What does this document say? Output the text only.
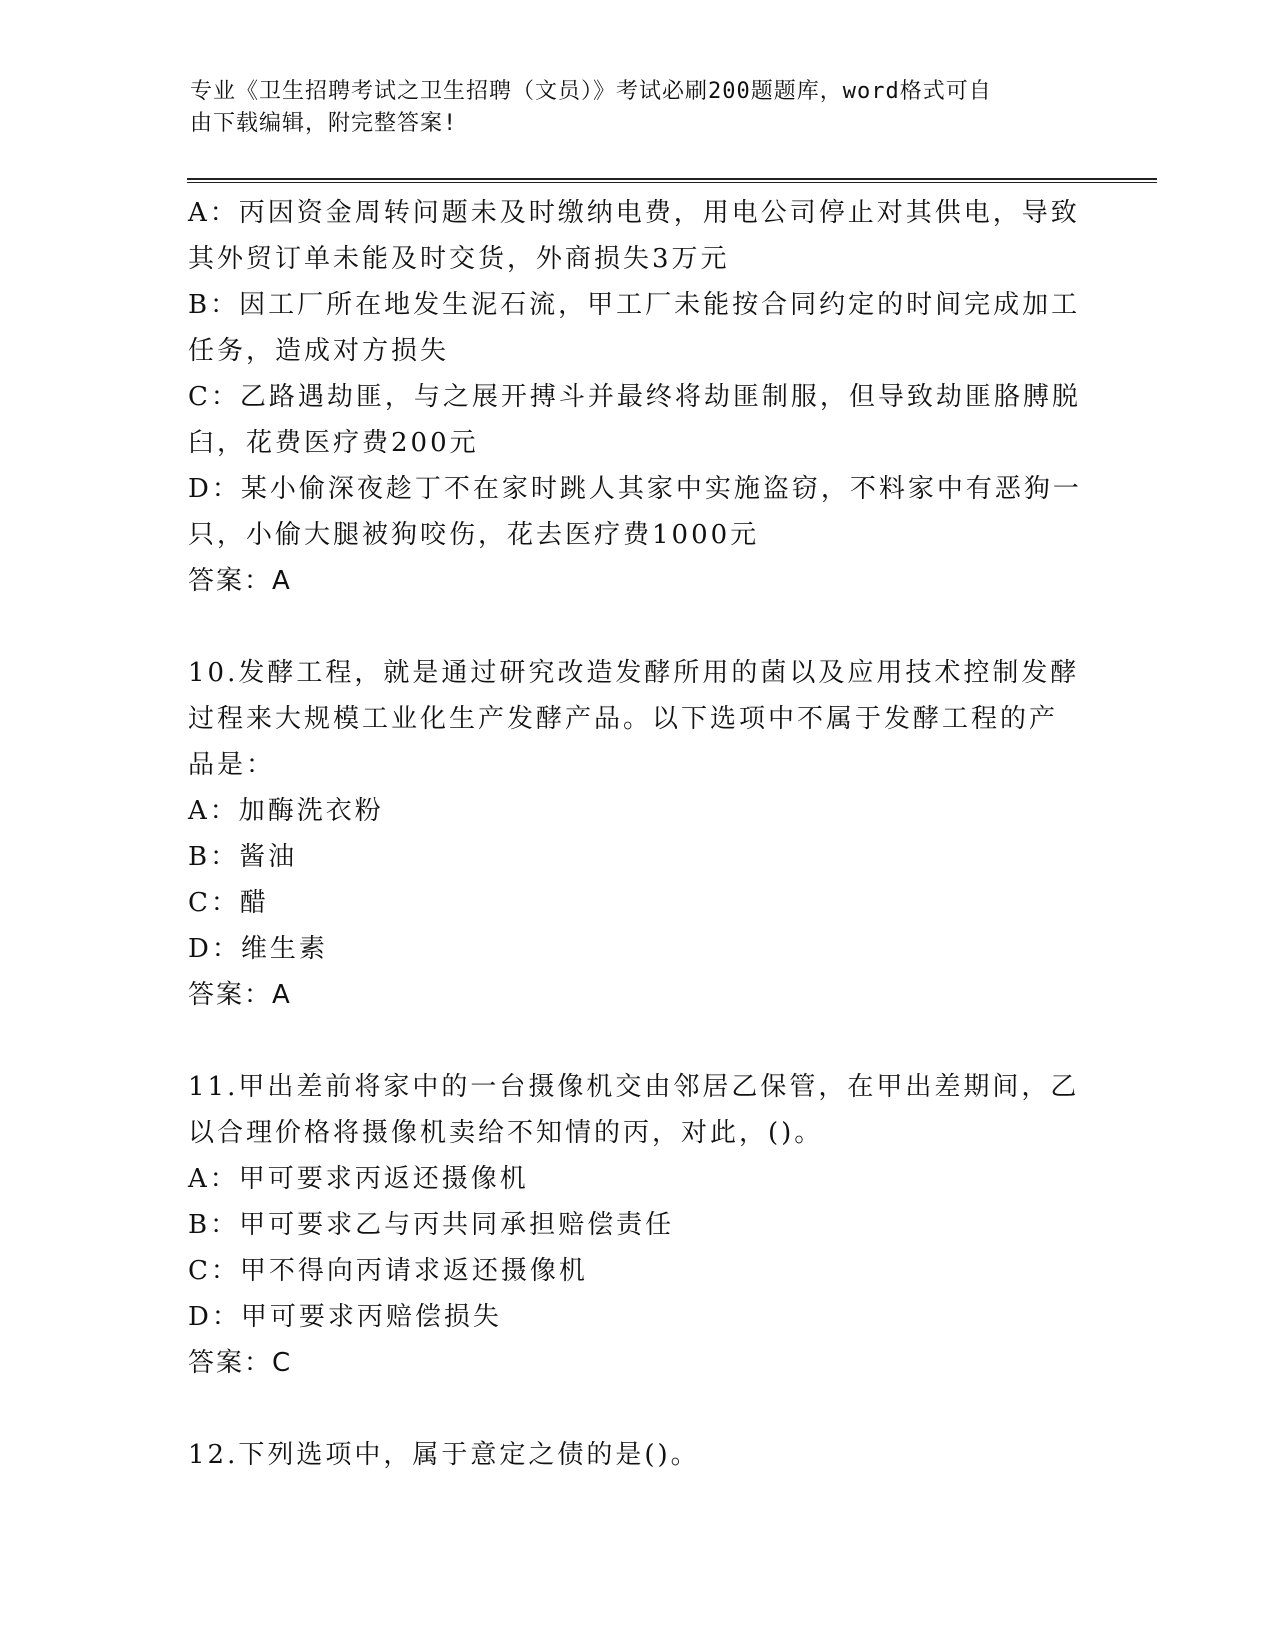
专业《卫生招聘考试之卫生招聘（文员）》考试必刷200题题库，word格式可自
由下载编辑，附完整答案!
A： 丙因资金周转问题未及时缴纳电费，用电公司停止对其供电，导致
其外贸订单未能及时交货，外商损失3万元
B： 因工厂所在地发生泥石流，甲工厂未能按合同约定的时间完成加工
任务，造成对方损失
C： 乙路遇劫匪，与之展开搏斗并最终将劫匪制服，但导致劫匪胳膊脱
臼，花费医疗费200元
D： 某小偷深夜趁丁不在家时跳人其家中实施盗窃，不料家中有恶狗一
只，小偷大腿被狗咬伤，花去医疗费1000元
答案：A
10.发酵工程，就是通过研究改造发酵所用的菌以及应用技术控制发酵
过程来大规模工业化生产发酵产品。以下选项中不属于发酵工程的产
品是：
A： 加酶洗衣粉
B： 酱油
C： 醋
D： 维生素
答案：A
11.甲出差前将家中的一台摄像机交由邻居乙保管，在甲出差期间，乙
以合理价格将摄像机卖给不知情的丙，对此，()。
A： 甲可要求丙返还摄像机
B： 甲可要求乙与丙共同承担赔偿责任
C： 甲不得向丙请求返还摄像机
D： 甲可要求丙赔偿损失
答案：C
12.下列选项中，属于意定之债的是()。
